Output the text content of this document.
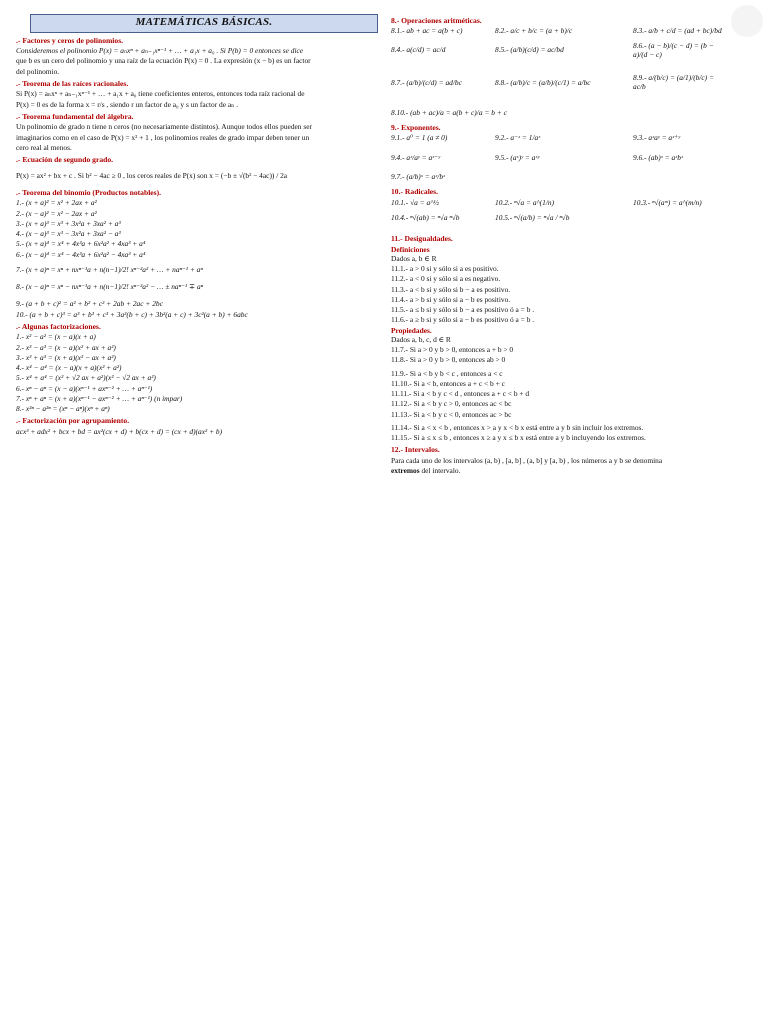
MATEMÁTICAS BÁSICAS.
.- Factores y ceros de polinomios.
Consideremos el polinomio P(x) = aₙxⁿ + aₙ₋₁xⁿ⁻¹ + … + a₁x + a₀ . Si P(b) = 0 entonces se dice
que b es un cero del polinomio y una raíz de la ecuación P(x) = 0 . La expresión (x − b) es un factor
del polinomio.
.- Teorema de las raíces racionales.
Si P(x) = aₙxⁿ + aₙ₋₁xⁿ⁻¹ + … + a₁x + a₀ tiene coeficientes enteros, entonces toda raíz racional de
P(x) = 0 es de la forma x = r/s , siendo r un factor de a₀ y s un factor de aₙ .
.- Teorema fundamental del álgebra.
Un polinomio de grado n tiene n ceros (no necesariamente distintos). Aunque todos ellos pueden ser
imaginarios como en el caso de P(x) = x² + 1 , los polinomios reales de grado impar deben tener un
cero real al menos.
.- Ecuación de segundo grado.
P(x) = ax² + bx + c . Si b² − 4ac ≥ 0 , los ceros reales de P(x) son x = (−b ± √(b² − 4ac)) / 2a
.- Teorema del binomio (Productos notables).
1.- (x + a)² = x² + 2ax + a²
2.- (x − a)² = x² − 2ax + a²
3.- (x + a)³ = x³ + 3x²a + 3xa² + a³
4.- (x − a)³ = x³ − 3x²a + 3xa² − a³
5.- (x + a)⁴ = x⁴ + 4x³a + 6x²a² + 4xa³ + a⁴
6.- (x − a)⁴ = x⁴ − 4x³a + 6x²a² − 4xa³ + a⁴
7.- (x + a)ⁿ = xⁿ + nxⁿ⁻¹a + n(n−1)/2! xⁿ⁻²a² + … + naⁿ⁻¹ + aⁿ
8.- (x − a)ⁿ = xⁿ − nxⁿ⁻¹a + n(n−1)/2! xⁿ⁻²a² − … ± naⁿ⁻¹ ∓ aⁿ
9.- (a + b + c)² = a² + b² + c² + 2ab + 2ac + 2bc
10.- (a + b + c)³ = a³ + b³ + c³ + 3a²(b + c) + 3b²(a + c) + 3c²(a + b) + 6abc
.- Algunas factorizaciones.
1.- x² − a² = (x − a)(x + a)
2.- x³ − a³ = (x − a)(x² + ax + a²)
3.- x³ + a³ = (x + a)(x² − ax + a²)
4.- x⁴ − a⁴ = (x − a)(x + a)(x² + a²)
5.- x⁴ + a⁴ = (x² + √2 ax + a²)(x² − √2 ax + a²)
6.- xⁿ − aⁿ = (x − a)(xⁿ⁻¹ + axⁿ⁻² + … + aⁿ⁻¹)
7.- xⁿ + aⁿ = (x + a)(xⁿ⁻¹ − axⁿ⁻² + … + aⁿ⁻¹) (n impar)
8.- x²ⁿ − a²ⁿ = (xⁿ − aⁿ)(xⁿ + aⁿ)
.- Factorización por agrupamiento.
acx³ + adx² + bcx + bd = ax²(cx + d) + b(cx + d) = (cx + d)(ax² + b)
8.- Operaciones aritméticas.
8.1.- ab + ac = a(b + c)	8.2.- a/c + b/c = (a + b)/c	8.3.- a/b + c/d = (ad + bc)/bd
8.4.- a(c/d) = ac/d	8.5.- (a/b)(c/d) = ac/bd
8.6.- (a − b)/(c − d) = (b − a)/(d − c)
8.7.- (a/b)/(c/d) = ad/bc	8.8.- (a/b)/c = (a/b)/(c/1) = a/bc
8.9.- a/(b/c) = (a/1)/(b/c) = ac/b
8.10.- (ab + ac)/a = a(b + c)/a = b + c
9.- Exponentes.
9.1.- a⁰ = 1 (a ≠ 0)	9.2.- a⁻ˣ = 1/aˣ	9.3.- aˣaʸ = aˣ⁺ʸ
9.4.- aˣ/aʸ = aˣ⁻ʸ	9.5.- (aˣ)ʸ = aˣʸ	9.6.- (ab)ˣ = aˣbˣ
9.7.- (a/b)ˣ = aˣ/bˣ
10.- Radicales.
10.1.- √a = a^½	10.2.- ⁿ√a = a^(1/n)	10.3.- ⁿ√(aᵐ) = a^(m/n)
10.4.- ⁿ√(ab) = ⁿ√a ⁿ√b	10.5.- ⁿ√(a/b) = ⁿ√a / ⁿ√b
11.- Desigualdades.
Definiciones
Dados a, b ∈ R
11.1.- a > 0 si y sólo si a es positivo.
11.2.- a < 0 si y sólo si a es negativo.
11.3.- a < b si y sólo si b − a es positivo.
11.4.- a > b si y sólo si a − b es positivo.
11.5.- a ≤ b si y sólo si b − a es positivo ó a = b .
11.6.- a ≥ b si y sólo si a − b es positivo ó a = b .
Propiedades.
Dados a, b, c, d ∈ R
11.7.- Si a > 0 y b > 0, entonces a + b > 0
11.8.- Si a > 0 y b > 0, entonces ab > 0
11.9.- Si a < b y b < c , entonces a < c
11.10.- Si a < b, entonces a + c < b + c
11.11.- Si a < b y c < d , entonces a + c < b + d
11.12.- Si a < b y c > 0, entonces ac < bc
11.13.- Si a < b y c < 0, entonces ac > bc
11.14.- Si a < x < b , entonces x > a y x < b x está entre a y b sin incluir los extremos.
11.15.- Si a ≤ x ≤ b , entonces x ≥ a y x ≤ b x está entre a y b incluyendo los extremos.
12.- Intervalos.
Para cada uno de los intervalos (a, b) , [a, b] , (a, b] y [a, b) , los números a y b se denomina
extremos del intervalo.
